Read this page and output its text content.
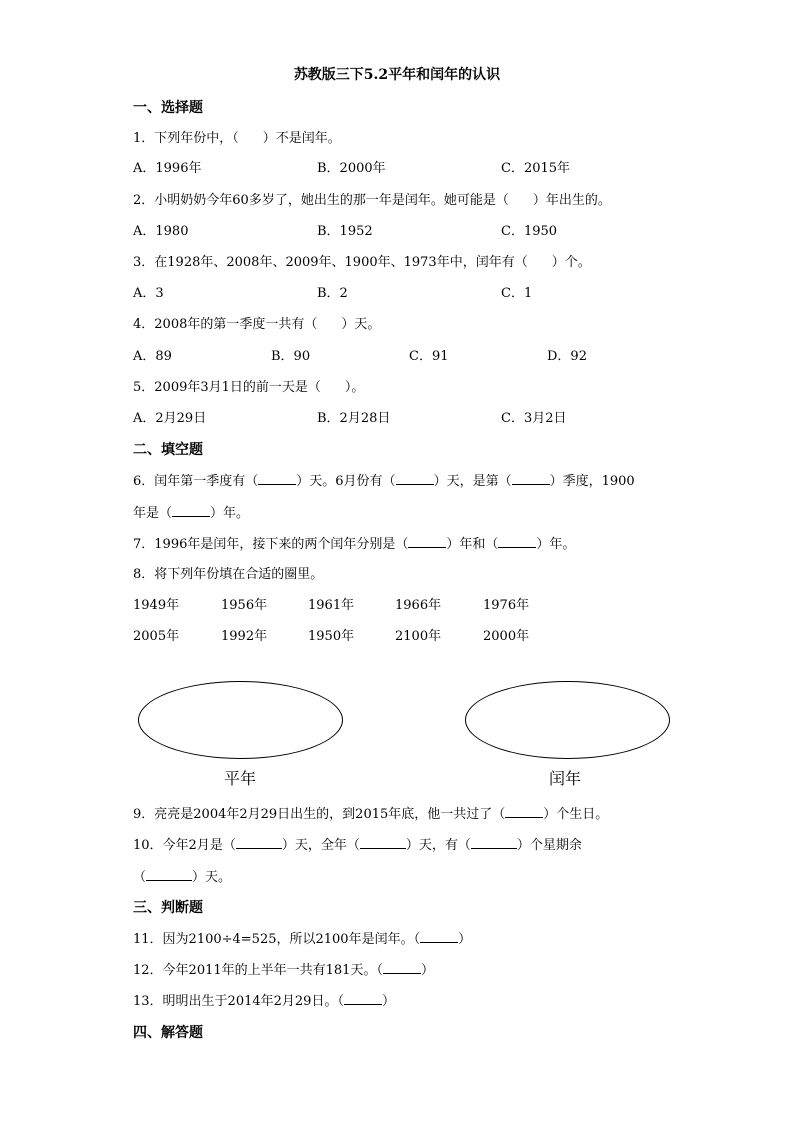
苏教版三下5.2平年和闰年的认识
一、选择题
1．下列年份中，（ ）不是闰年。
A．1996年	B．2000年	C．2015年
2．小明奶奶今年60多岁了，她出生的那一年是闰年。她可能是（ ）年出生的。
A．1980	B．1952	C．1950
3．在1928年、2008年、2009年、1900年、1973年中，闰年有（ ）个。
A．3	B．2	C．1
4．2008年的第一季度一共有（ ）天。
A．89	B．90	C．91	D．92
5．2009年3月1日的前一天是（ ）。
A．2月29日	B．2月28日	C．3月2日
二、填空题
6．闰年第一季度有（	）天。6月份有（	）天，是第（	）季度，1900
年是（	）年。
7．1996年是闰年，接下来的两个闰年分别是（	）年和（	）年。
8．将下列年份填在合适的圈里。
1949年	1956年	1961年	1966年	1976年
2005年	1992年	1950年	2100年	2000年
平年	闰年
9．亮亮是2004年2月29日出生的，到2015年底，他一共过了（	）个生日。
10．今年2月是（	）天，全年（	）天，有（	）个星期余
（	）天。
三、判断题
11．因为2100÷4=525，所以2100年是闰年。（	）
12．今年2011年的上半年一共有181天。（	）
13．明明出生于2014年2月29日。（	）
四、解答题
